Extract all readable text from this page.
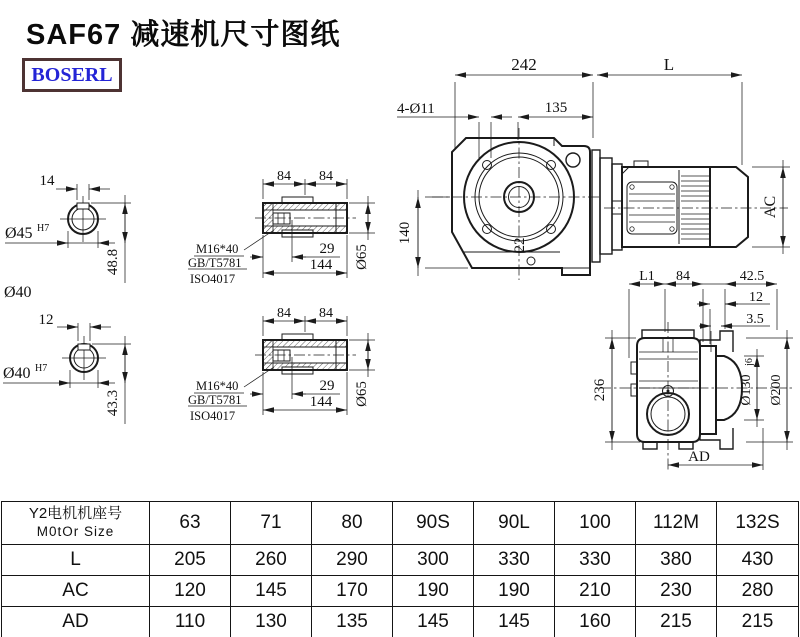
SAF67 减速机尺寸图纸
BOSERL
14
Ø45 H7
48.8
Ø40
12
Ø40 H7
43.3
84 84
29
144 Ø65
M16*40
GB/T5781
ISO4017
84 84
29
144 Ø65
M16*40
GB/T5781
ISO4017
242	L
135
4-Ø11
140
22
AC
L1 84	42.5
12
3.5
236	Ø130
j6
Ø200
AD
Y2电机机座号
M0tOr Size	63	71	80	90S	90L	100	112M	132S
L	205	260	290	300	330	330	380	430
AC	120	145	170	190	190	210	230	280
AD	110	130	135	145	145	160	215	215
